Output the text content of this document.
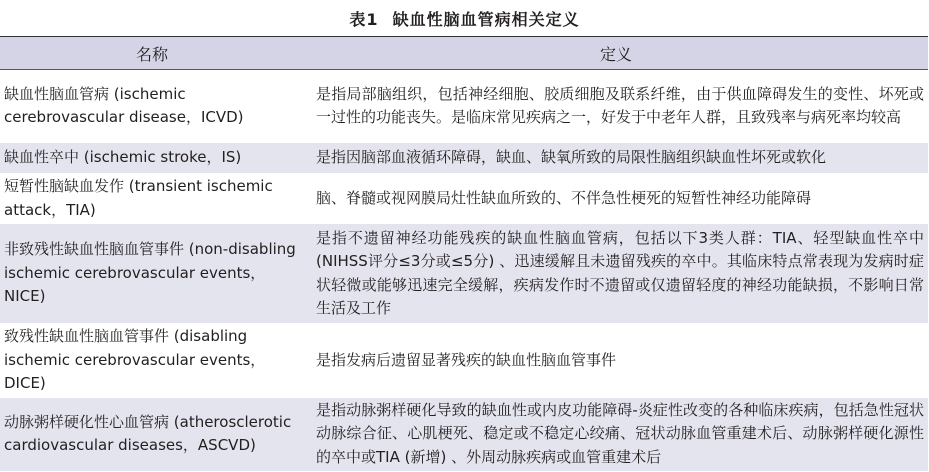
表1 缺血性脑血管病相关定义
名称	定义
缺血性脑血管病 (ischemic cerebrovascular disease，ICVD)	是指局部脑组织，包括神经细胞、胶质细胞及联系纤维，由于供血障碍发生的变性、坏死或一过性的功能丧失。是临床常见疾病之一，好发于中老年人群，且致残率与病死率均较高
缺血性卒中 (ischemic stroke，IS)	是指因脑部血液循环障碍，缺血、缺氧所致的局限性脑组织缺血性坏死或软化
短暂性脑缺血发作 (transient ischemic attack，TIA)	脑、脊髓或视网膜局灶性缺血所致的、不伴急性梗死的短暂性神经功能障碍
非致残性缺血性脑血管事件 (non-disabling ischemic cerebrovascular events，NICE)	是指不遗留神经功能残疾的缺血性脑血管病，包括以下3类人群：TIA、轻型缺血性卒中 (NIHSS评分≤3分或≤5分) 、迅速缓解且未遗留残疾的卒中。其临床特点常表现为发病时症状轻微或能够迅速完全缓解，疾病发作时不遗留或仅遗留轻度的神经功能缺损，不影响日常生活及工作
致残性缺血性脑血管事件 (disabling ischemic cerebrovascular events，DICE)	是指发病后遗留显著残疾的缺血性脑血管事件
动脉粥样硬化性心血管病 (atherosclerotic cardiovascular diseases，ASCVD)	是指动脉粥样硬化导致的缺血性或内皮功能障碍-炎症性改变的各种临床疾病，包括急性冠状动脉综合征、心肌梗死、稳定或不稳定心绞痛、冠状动脉血管重建术后、动脉粥样硬化源性的卒中或TIA (新增) 、外周动脉疾病或血管重建术后
